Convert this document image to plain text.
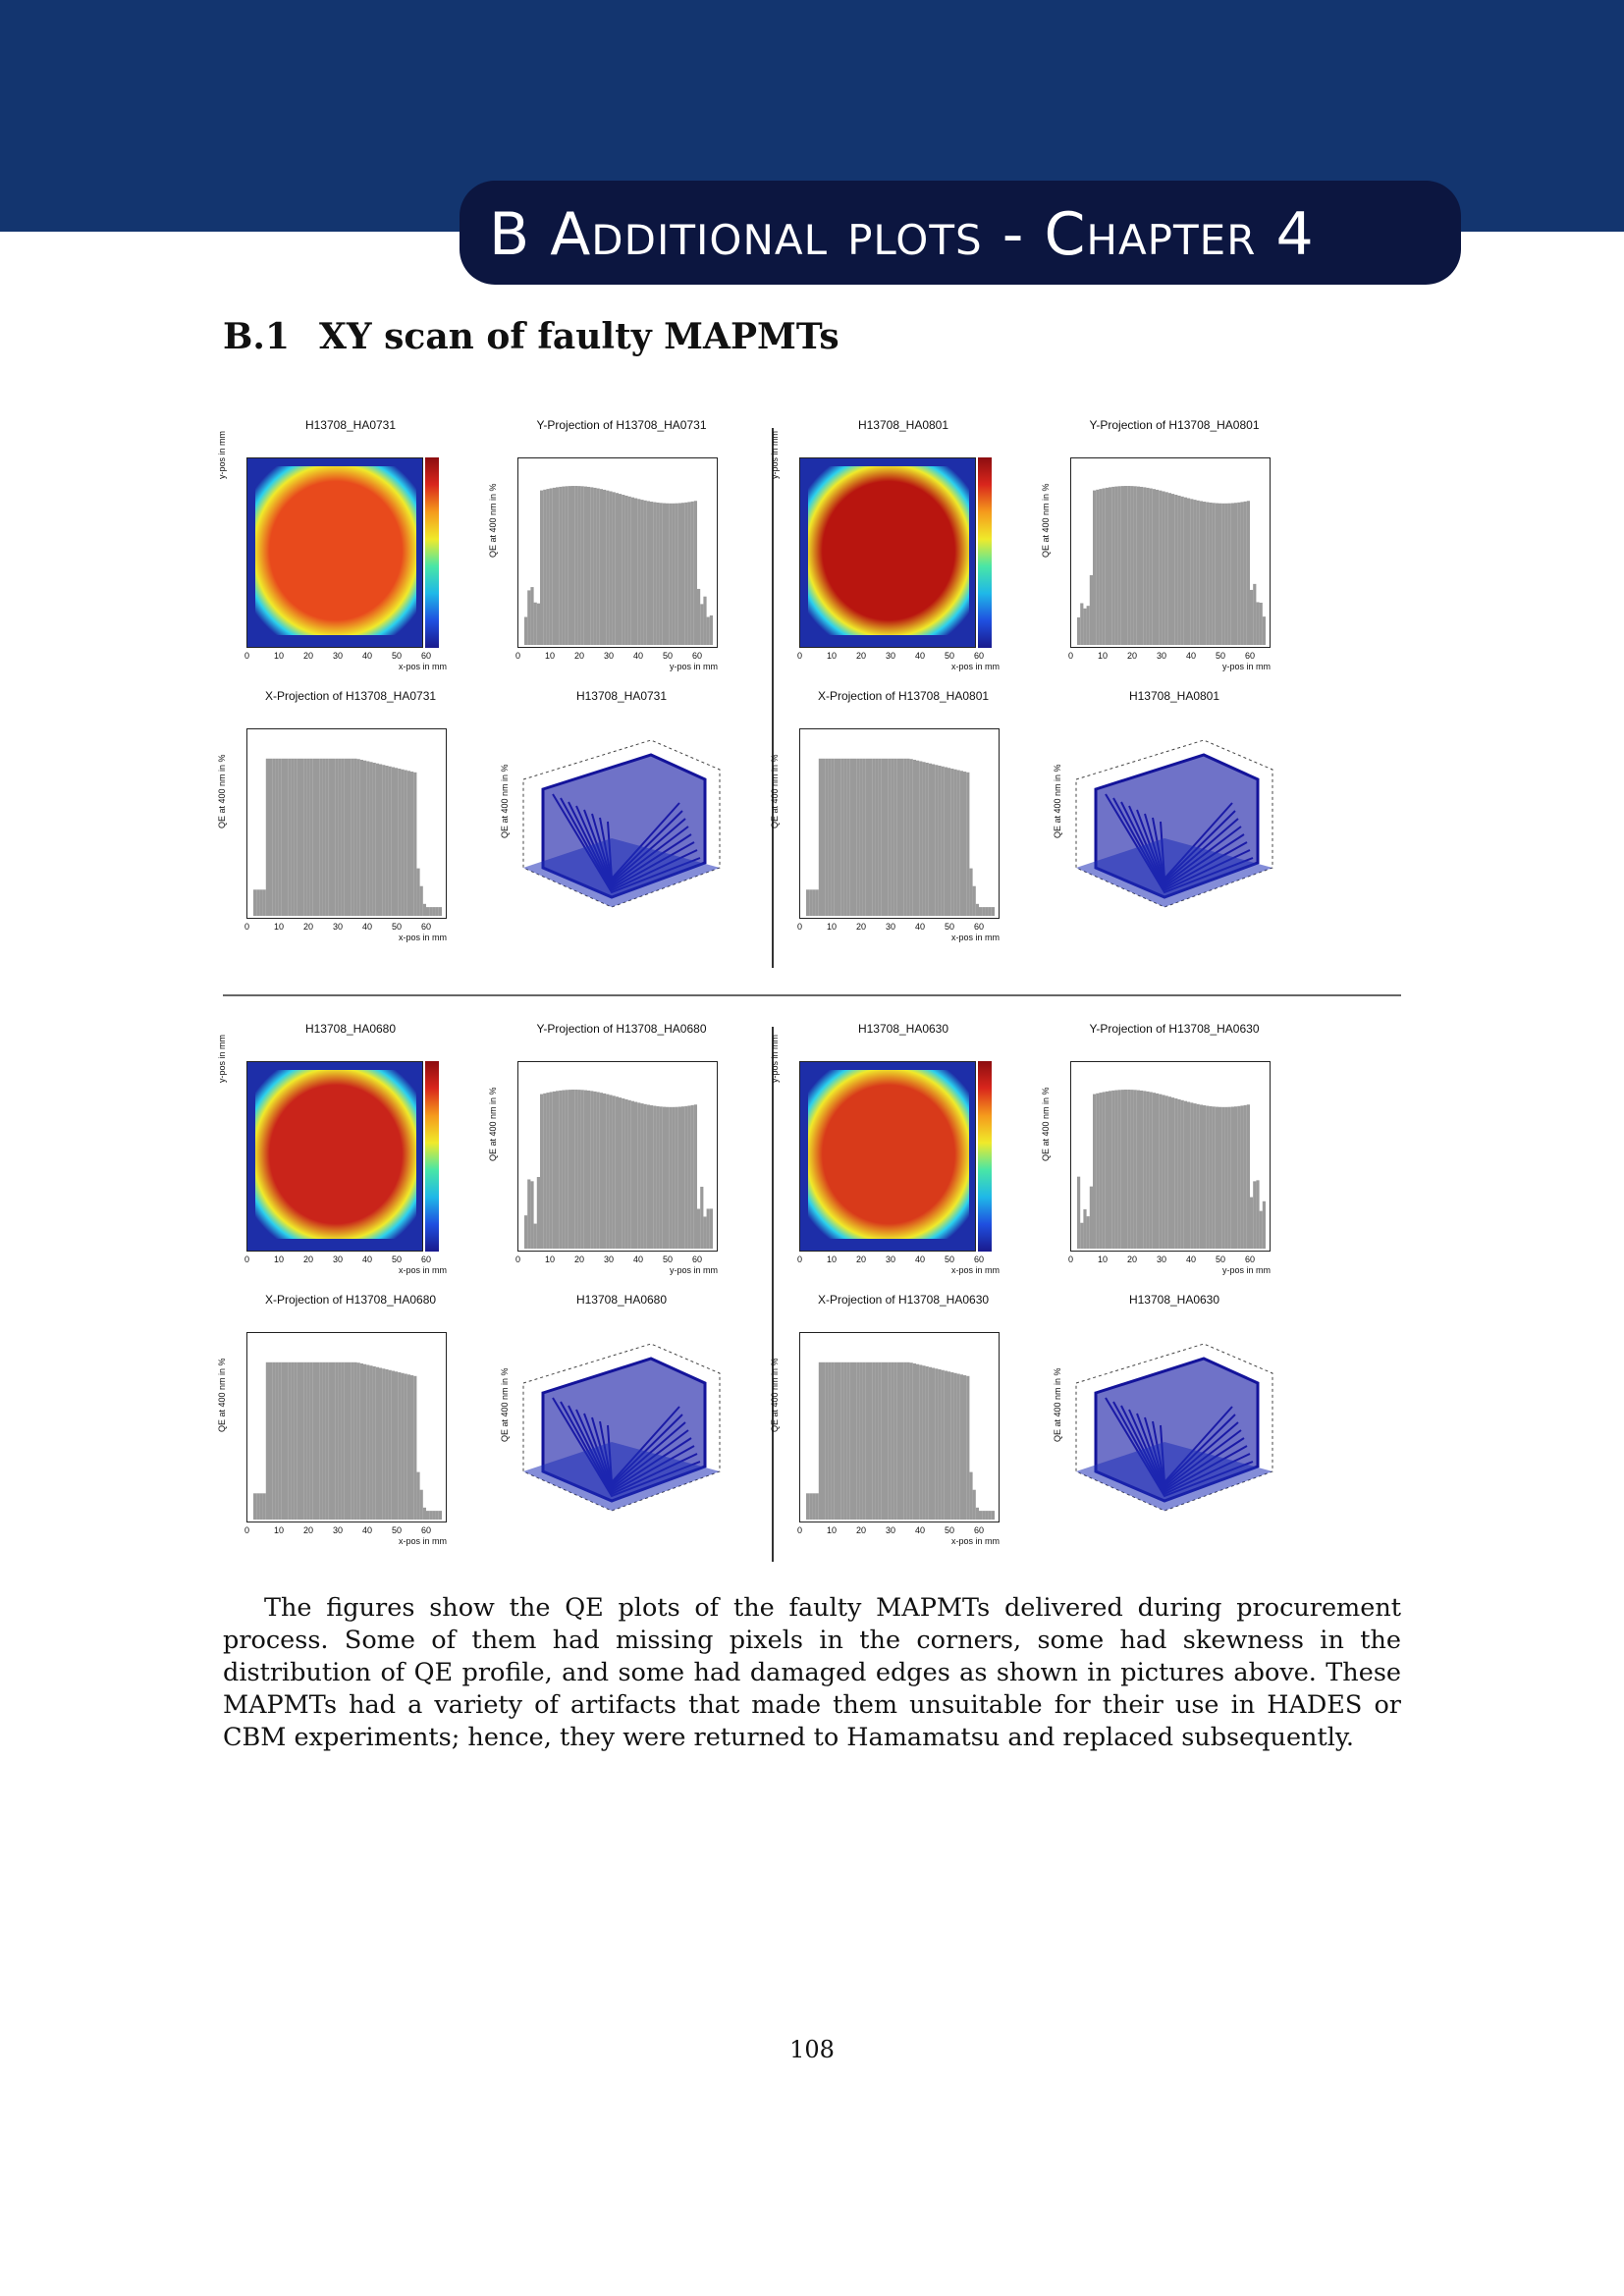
B Additional plots - Chapter 4
B.1 XY scan of faulty MAPMTs
H13708_HA0731
x-pos in mm
y-pos in mm
0	10 20 30 40 50 60
Y-Projection of H13708_HA0731
y-pos in mm
QE at 400 nm in %
0	10 20 30 40 50 60
X-Projection of H13708_HA0731
x-pos in mm
QE at 400 nm in %
0	10 20 30 40 50 60
H13708_HA0731
QE at 400 nm in %
H13708_HA0801
x-pos in mm
y-pos in mm
0	10 20 30 40 50 60
Y-Projection of H13708_HA0801
y-pos in mm
QE at 400 nm in %
0	10 20 30 40 50 60
X-Projection of H13708_HA0801
x-pos in mm
QE at 400 nm in %
0	10 20 30 40 50 60
H13708_HA0801
QE at 400 nm in %
H13708_HA0680
x-pos in mm
y-pos in mm
0	10 20 30 40 50 60
Y-Projection of H13708_HA0680
y-pos in mm
QE at 400 nm in %
0	10 20 30 40 50 60
X-Projection of H13708_HA0680
x-pos in mm
QE at 400 nm in %
0	10 20 30 40 50 60
H13708_HA0680
QE at 400 nm in %
H13708_HA0630
x-pos in mm
y-pos in mm
0	10 20 30 40 50 60
Y-Projection of H13708_HA0630
y-pos in mm
QE at 400 nm in %
0	10 20 30 40 50 60
X-Projection of H13708_HA0630
x-pos in mm
QE at 400 nm in %
0	10 20 30 40 50 60
H13708_HA0630
QE at 400 nm in %

The figures show the QE plots of the faulty MAPMTs delivered during procurement process. Some of them had missing pixels in the corners, some had skewness in the distribution of QE profile, and some had damaged edges as shown in pictures above. These MAPMTs had a variety of artifacts that made them unsuitable for their use in HADES or CBM experiments; hence, they were returned to Hamamatsu and replaced subsequently.

108
